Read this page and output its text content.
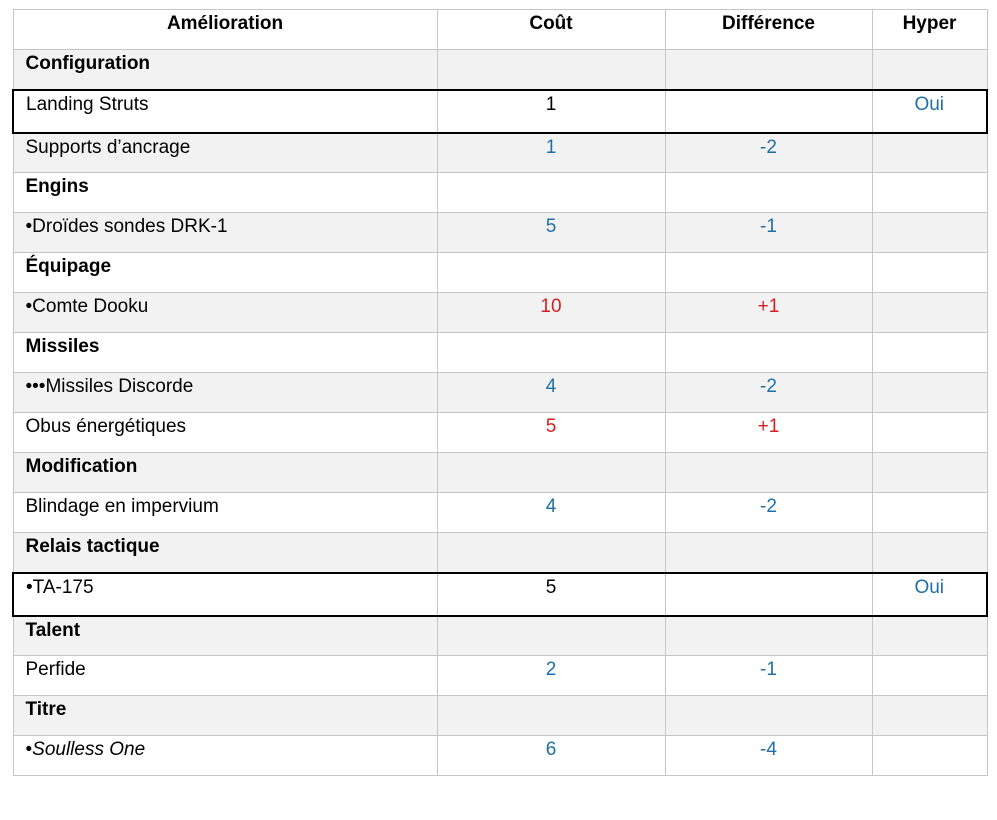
Amélioration	Coût	Différence	Hyper
Configuration			
Landing Struts	1		Oui
Supports d’ancrage	1	-2	
Engins			
•Droïdes sondes DRK-1	5	-1	
Équipage			
•Comte Dooku	10	+1	
Missiles			
•••Missiles Discorde	4	-2	
Obus énergétiques	5	+1	
Modification			
Blindage en impervium	4	-2	
Relais tactique			
•TA-175	5		Oui
Talent			
Perfide	2	-1	
Titre			
•Soulless One	6	-4	
